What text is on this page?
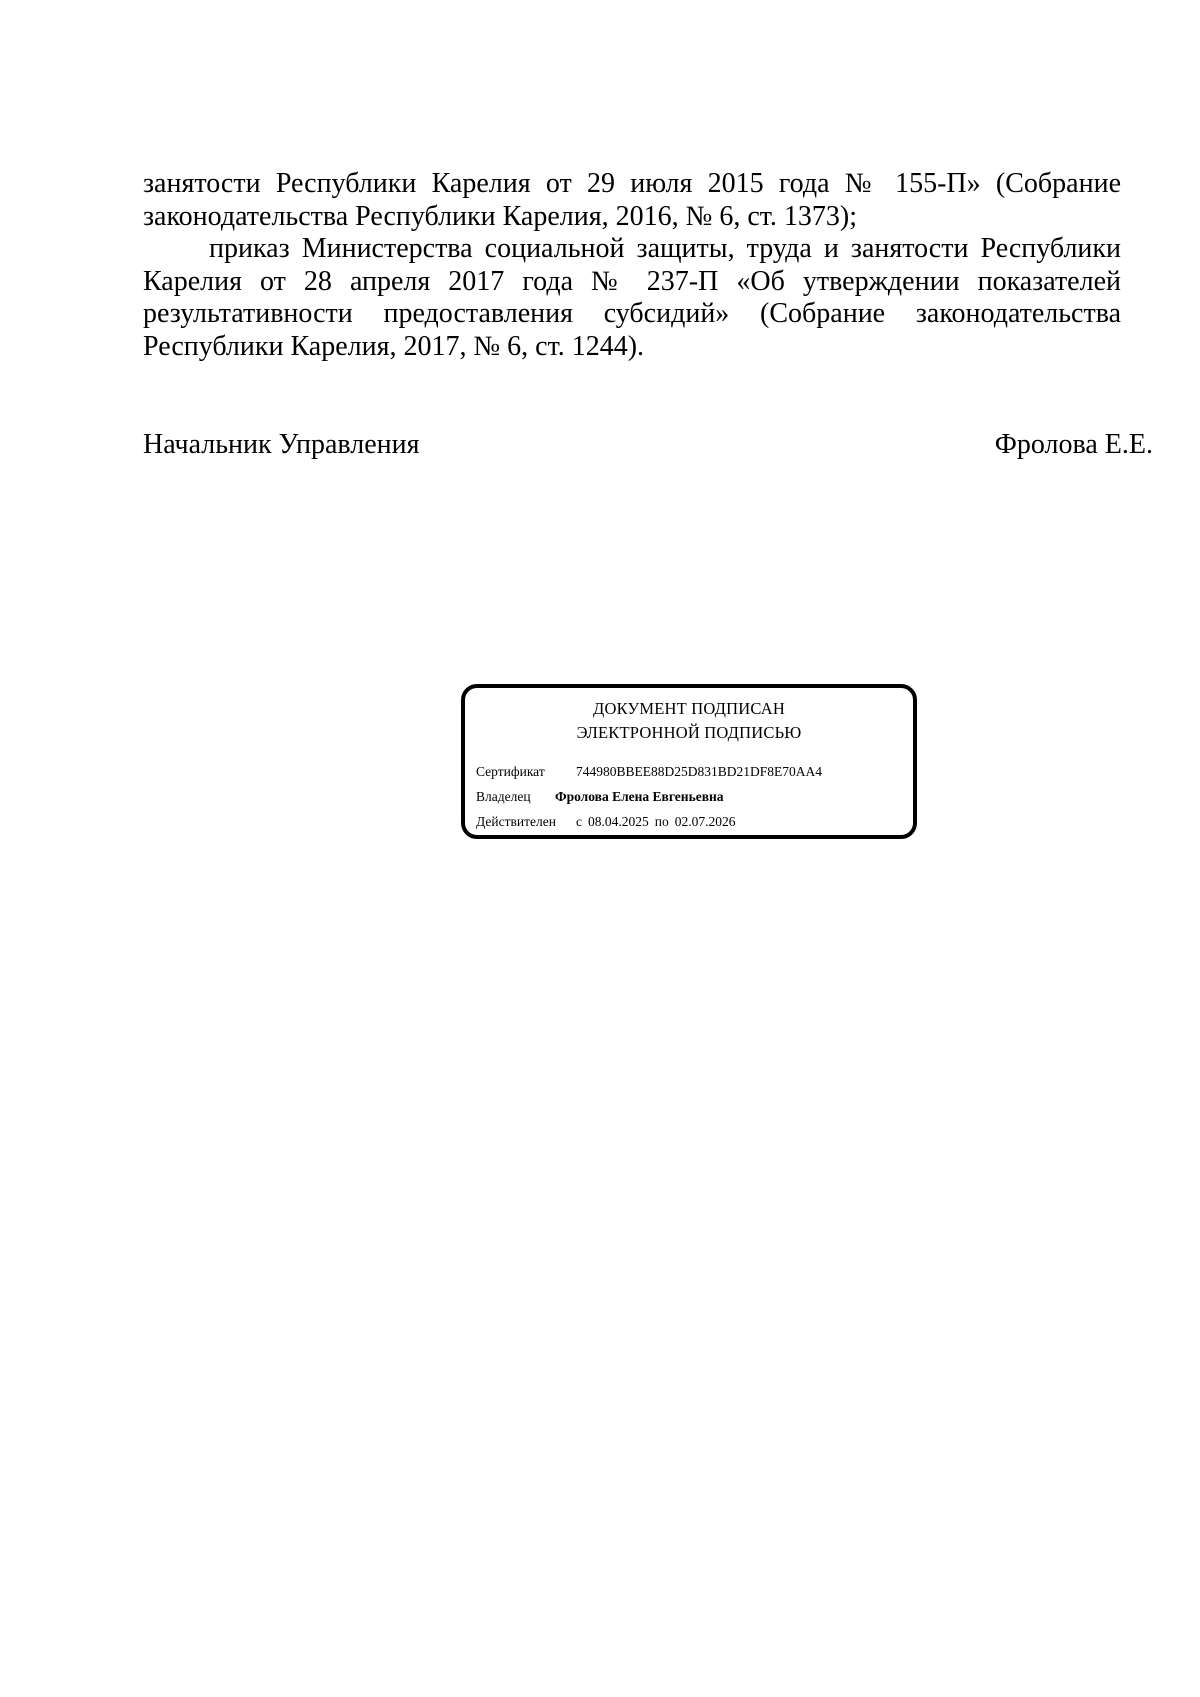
занятости Республики Карелия от 29 июля 2015 года № 155-П» (Собрание законодательства Республики Карелия, 2016, № 6, ст. 1373);

приказ Министерства социальной защиты, труда и занятости Республики Карелия от 28 апреля 2017 года № 237-П «Об утверждении показателей результативности предоставления субсидий» (Собрание законодательства Республики Карелия, 2017, № 6, ст. 1244).

Начальник Управления	Фролова Е.Е.
ДОКУМЕНТ ПОДПИСАН
ЭЛЕКТРОННОЙ ПОДПИСЬЮ
Сертификат 744980BBEE88D25D831BD21DF8E70AA4
Владелец Фролова Елена Евгеньевна
Действителен с 08.04.2025 по 02.07.2026
